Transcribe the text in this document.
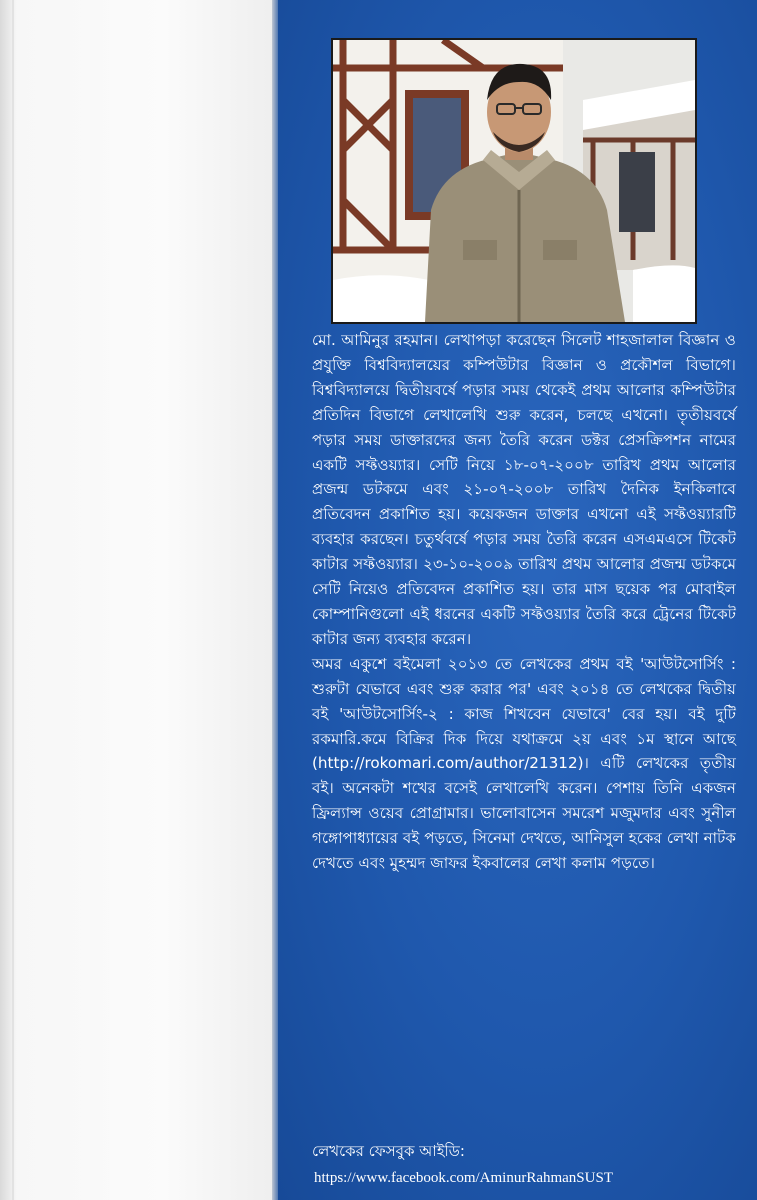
মো. আমিনুর রহমান। লেখাপড়া করেছেন সিলেট শাহজালাল বিজ্ঞান ও প্রযুক্তি বিশ্ববিদ্যালয়ের কম্পিউটার বিজ্ঞান ও প্রকৌশল বিভাগে। বিশ্ববিদ্যালয়ে দ্বিতীয়বর্ষে পড়ার সময় থেকেই প্রথম আলোর কম্পিউটার প্রতিদিন বিভাগে লেখালেখি শুরু করেন, চলছে এখনো। তৃতীয়বর্ষে পড়ার সময় ডাক্তারদের জন্য তৈরি করেন ডক্টর প্রেসক্রিপশন নামের একটি সফ্টওয়্যার। সেটি নিয়ে ১৮-০৭-২০০৮ তারিখ প্রথম আলোর প্রজন্ম ডটকমে এবং ২১-০৭-২০০৮ তারিখ দৈনিক ইনকিলাবে প্রতিবেদন প্রকাশিত হয়। কয়েকজন ডাক্তার এখনো এই সফ্টওয়্যারটি ব্যবহার করছেন। চতুর্থবর্ষে পড়ার সময় তৈরি করেন এসএমএসে টিকেট কাটার সফ্টওয়্যার। ২৩-১০-২০০৯ তারিখ প্রথম আলোর প্রজন্ম ডটকমে সেটি নিয়েও প্রতিবেদন প্রকাশিত হয়। তার মাস ছয়েক পর মোবাইল কোম্পানিগুলো এই ধরনের একটি সফ্টওয়্যার তৈরি করে ট্রেনের টিকেট কাটার জন্য ব্যবহার করেন।

অমর একুশে বইমেলা ২০১৩ তে লেখকের প্রথম বই 'আউটসোর্সিং : শুরুটা যেভাবে এবং শুরু করার পর' এবং ২০১৪ তে লেখকের দ্বিতীয় বই 'আউটসোর্সিং-২ : কাজ শিখবেন যেভাবে' বের হয়। বই দুটি রকমারি.কমে বিক্রির দিক দিয়ে যথাক্রমে ২য় এবং ১ম স্থানে আছে (http://rokomari.com/author/21312)। এটি লেখকের তৃতীয় বই। অনেকটা শখের বসেই লেখালেখি করেন। পেশায় তিনি একজন ফ্রিল্যান্স ওয়েব প্রোগ্রামার। ভালোবাসেন সমরেশ মজুমদার এবং সুনীল গঙ্গোপাধ্যায়ের বই পড়তে, সিনেমা দেখতে, আনিসুল হকের লেখা নাটক দেখতে এবং মুহম্মদ জাফর ইকবালের লেখা কলাম পড়তে।

লেখকের ফেসবুক আইডি:
https://www.facebook.com/AminurRahmanSUST
